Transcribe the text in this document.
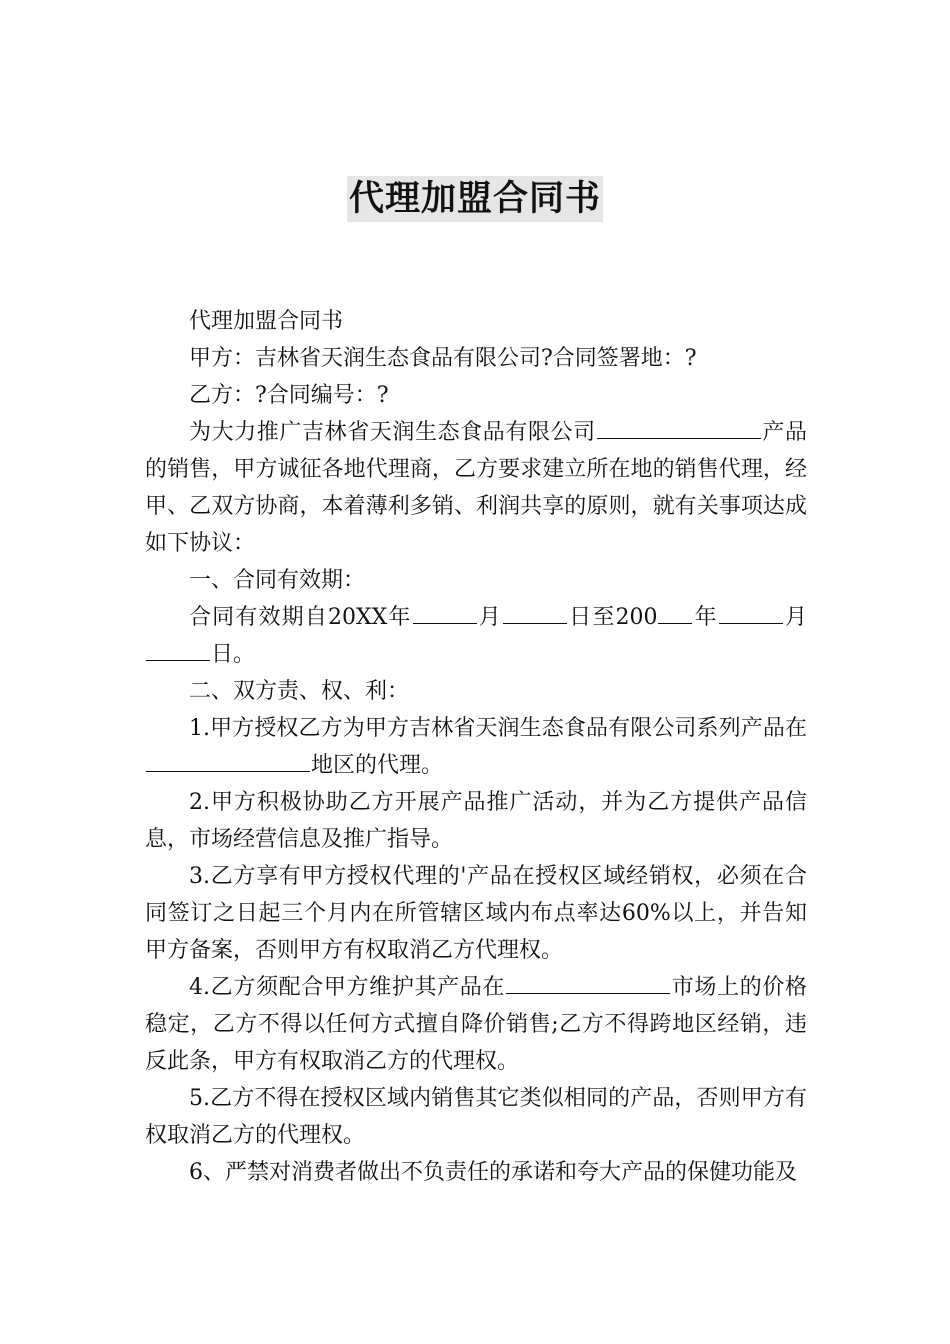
代理加盟合同书

代理加盟合同书

甲方：吉林省天润生态食品有限公司?合同签署地：?

乙方：?合同编号：?

为大力推广吉林省天润生态食品有限公司	产品的销售，甲方诚征各地代理商，乙方要求建立所在地的销售代理，经甲、乙双方协商，本着薄利多销、利润共享的原则，就有关事项达成如下协议：

一、合同有效期：

合同有效期自20XX年	月	日至200 年	月日。

二、双方责、权、利：

1.甲方授权乙方为甲方吉林省天润生态食品有限公司系列产品在地区的代理。

2.甲方积极协助乙方开展产品推广活动，并为乙方提供产品信息，市场经营信息及推广指导。

3.乙方享有甲方授权代理的'产品在授权区域经销权，必须在合同签订之日起三个月内在所管辖区域内布点率达60%以上，并告知甲方备案，否则甲方有权取消乙方代理权。

4.乙方须配合甲方维护其产品在	市场上的价格稳定，乙方不得以任何方式擅自降价销售;乙方不得跨地区经销，违反此条，甲方有权取消乙方的代理权。

5.乙方不得在授权区域内销售其它类似相同的产品，否则甲方有权取消乙方的代理权。

6、严禁对消费者做出不负责任的承诺和夸大产品的保健功能及
